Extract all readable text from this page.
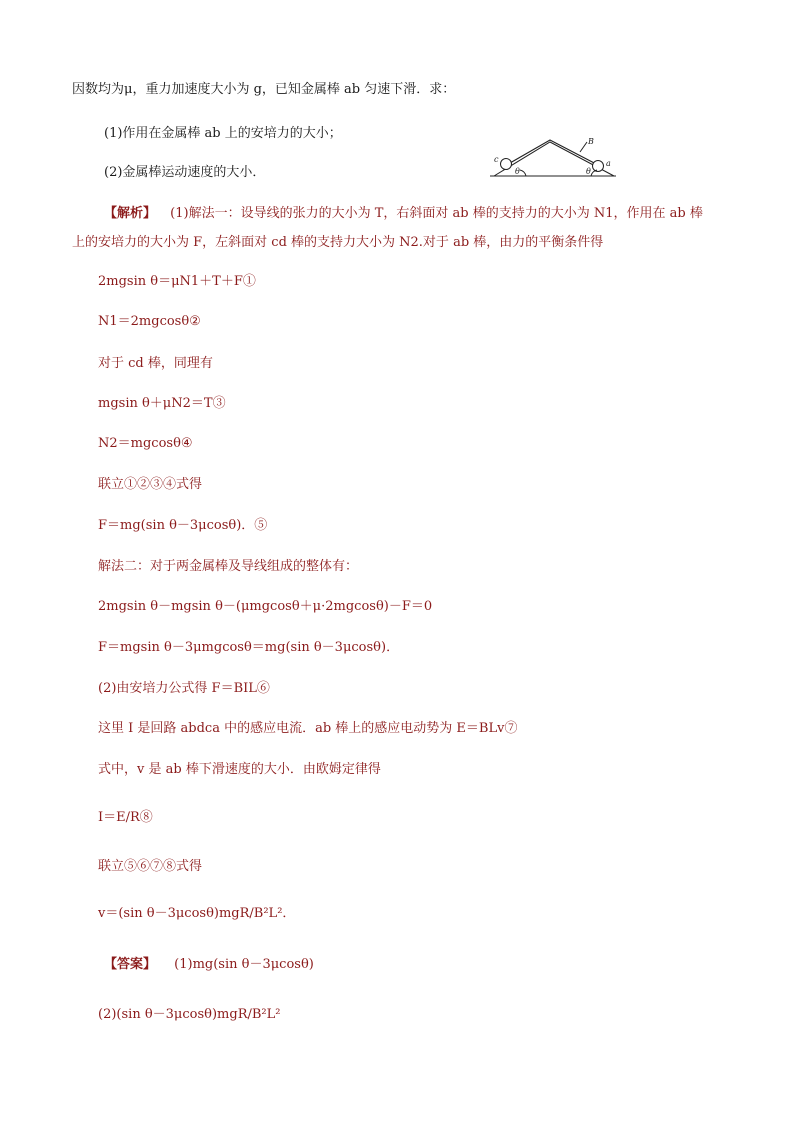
因数均为μ，重力加速度大小为 g，已知金属棒 ab 匀速下滑．求：
(1)作用在金属棒 ab 上的安培力的大小；
(2)金属棒运动速度的大小．
c	a
B
θ	θ
【解析】 (1)解法一：设导线的张力的大小为 T，右斜面对 ab 棒的支持力的大小为 N1，作用在 ab 棒
上的安培力的大小为 F，左斜面对 cd 棒的支持力大小为 N2.对于 ab 棒，由力的平衡条件得
2mgsin θ＝μN1＋T＋F①
N1＝2mgcosθ②
对于 cd 棒，同理有
mgsin θ＋μN2＝T③
N2＝mgcosθ④
联立①②③④式得
F＝mg(sin θ－3μcosθ)．⑤
解法二：对于两金属棒及导线组成的整体有：
2mgsin θ－mgsin θ－(μmgcosθ＋μ·2mgcosθ)－F＝0
F＝mgsin θ－3μmgcosθ＝mg(sin θ－3μcosθ)．
(2)由安培力公式得 F＝BIL⑥
这里 I 是回路 abdca 中的感应电流．ab 棒上的感应电动势为 E＝BLv⑦
式中，v 是 ab 棒下滑速度的大小．由欧姆定律得
I＝E/R⑧
联立⑤⑥⑦⑧式得
v＝(sin θ－3μcosθ)mgR/B²L²．
【答案】 (1)mg(sin θ－3μcosθ)
(2)(sin θ－3μcosθ)mgR/B²L²
